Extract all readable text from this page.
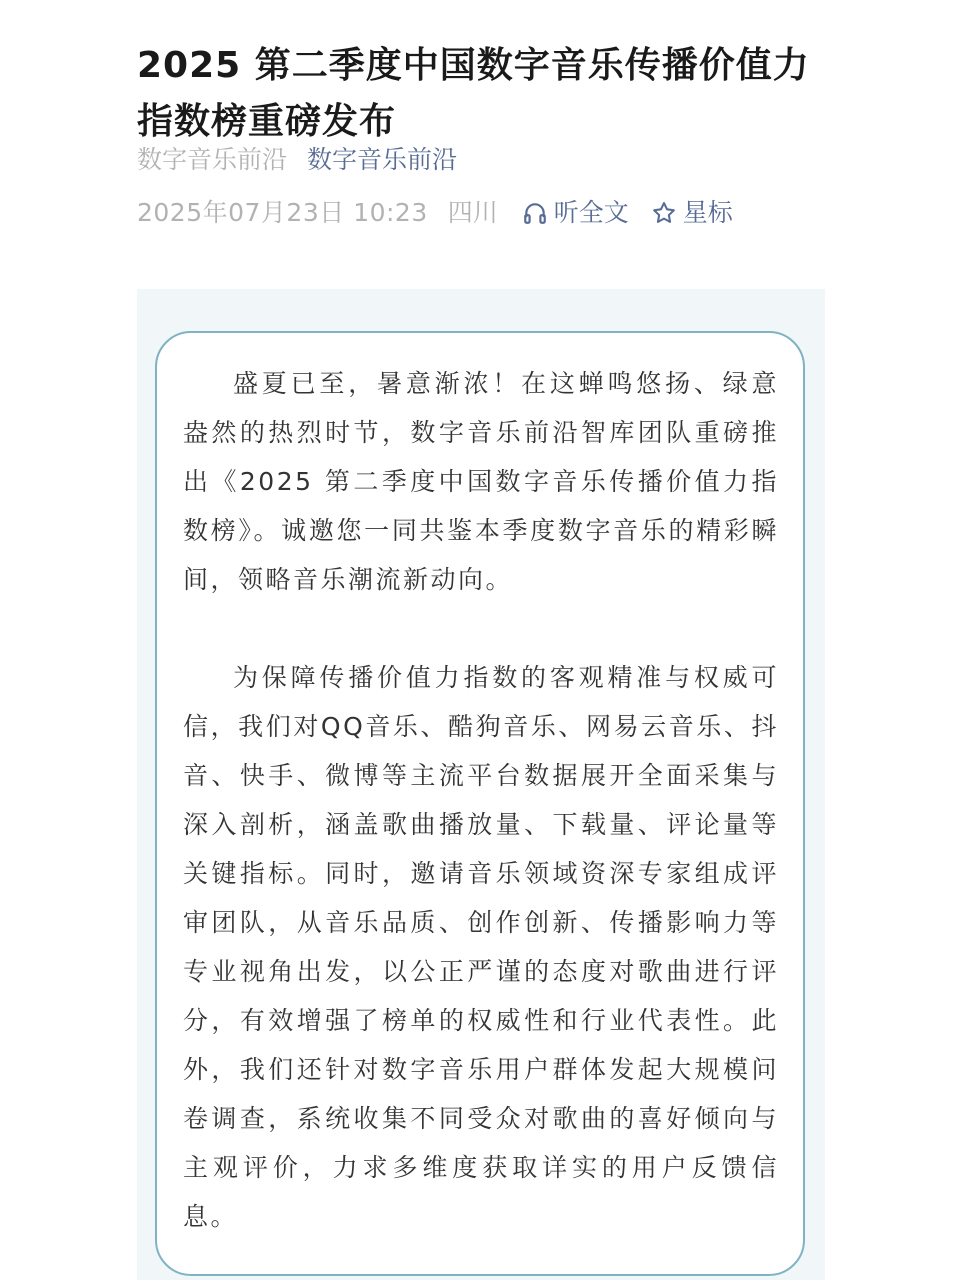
2025 第二季度中国数字音乐传播价值力指数榜重磅发布
数字音乐前沿 数字音乐前沿
2025年07月23日 10:23 四川 听全文 星标

盛夏已至，暑意渐浓！在这蝉鸣悠扬、绿意盎然的热烈时节，数字音乐前沿智库团队重磅推出《2025 第二季度中国数字音乐传播价值力指数榜》。诚邀您一同共鉴本季度数字音乐的精彩瞬间，领略音乐潮流新动向。

为保障传播价值力指数的客观精准与权威可信，我们对QQ音乐、酷狗音乐、网易云音乐、抖音、快手、微博等主流平台数据展开全面采集与深入剖析，涵盖歌曲播放量、下载量、评论量等关键指标。同时，邀请音乐领域资深专家组成评审团队，从音乐品质、创作创新、传播影响力等专业视角出发，以公正严谨的态度对歌曲进行评分，有效增强了榜单的权威性和行业代表性。此外，我们还针对数字音乐用户群体发起大规模问卷调查，系统收集不同受众对歌曲的喜好倾向与主观评价，力求多维度获取详实的用户反馈信息。
